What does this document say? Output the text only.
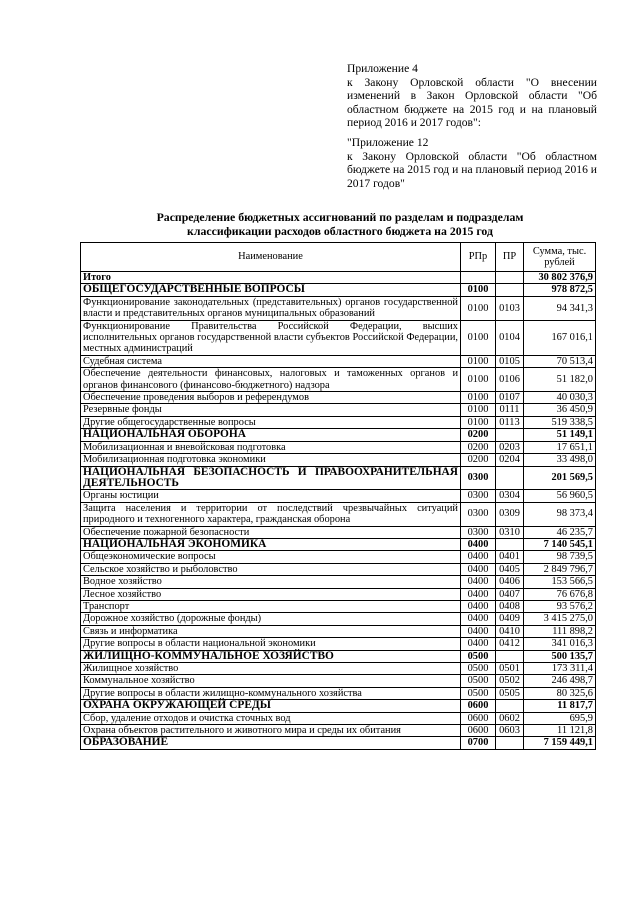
Приложение 4
к Закону Орловской области "О внесении изменений в Закон Орловской области "Об областном бюджете на 2015 год и на плановый период 2016 и 2017 годов":

"Приложение 12
к Закону Орловской области "Об областном бюджете на 2015 год и на плановый период 2016 и 2017 годов"

Распределение бюджетных ассигнований по разделам и подразделам
классификации расходов областного бюджета на 2015 год
Наименование	РПр	ПР	Сумма, тыс. рублей
Итого			30 802 376,9
ОБЩЕГОСУДАРСТВЕННЫЕ ВОПРОСЫ	0100		978 872,5
Функционирование законодательных (представительных) органов государственной власти и представительных органов муниципальных образований	0100	0103	94 341,3
Функционирование Правительства Российской Федерации, высших исполнительных органов государственной власти субъектов Российской Федерации, местных администраций	0100	0104	167 016,1
Судебная система	0100	0105	70 513,4
Обеспечение деятельности финансовых, налоговых и таможенных органов и органов финансового (финансово-бюджетного) надзора	0100	0106	51 182,0
Обеспечение проведения выборов и референдумов	0100	0107	40 030,3
Резервные фонды	0100	0111	36 450,9
Другие общегосударственные вопросы	0100	0113	519 338,5
НАЦИОНАЛЬНАЯ ОБОРОНА	0200		51 149,1
Мобилизационная и вневойсковая подготовка	0200	0203	17 651,1
Мобилизационная подготовка экономики	0200	0204	33 498,0
НАЦИОНАЛЬНАЯ БЕЗОПАСНОСТЬ И ПРАВООХРАНИТЕЛЬНАЯ ДЕЯТЕЛЬНОСТЬ	0300		201 569,5
Органы юстиции	0300	0304	56 960,5
Защита населения и территории от последствий чрезвычайных ситуаций природного и техногенного характера, гражданская оборона	0300	0309	98 373,4
Обеспечение пожарной безопасности	0300	0310	46 235,7
НАЦИОНАЛЬНАЯ ЭКОНОМИКА	0400		7 140 545,1
Общеэкономические вопросы	0400	0401	98 739,5
Сельское хозяйство и рыболовство	0400	0405	2 849 796,7
Водное хозяйство	0400	0406	153 566,5
Лесное хозяйство	0400	0407	76 676,8
Транспорт	0400	0408	93 576,2
Дорожное хозяйство (дорожные фонды)	0400	0409	3 415 275,0
Связь и информатика	0400	0410	111 898,2
Другие вопросы в области национальной экономики	0400	0412	341 016,3
ЖИЛИЩНО-КОММУНАЛЬНОЕ ХОЗЯЙСТВО	0500		500 135,7
Жилищное хозяйство	0500	0501	173 311,4
Коммунальное хозяйство	0500	0502	246 498,7
Другие вопросы в области жилищно-коммунального хозяйства	0500	0505	80 325,6
ОХРАНА ОКРУЖАЮЩЕЙ СРЕДЫ	0600		11 817,7
Сбор, удаление отходов и очистка сточных вод	0600	0602	695,9
Охрана объектов растительного и животного мира и среды их обитания	0600	0603	11 121,8
ОБРАЗОВАНИЕ	0700		7 159 449,1
